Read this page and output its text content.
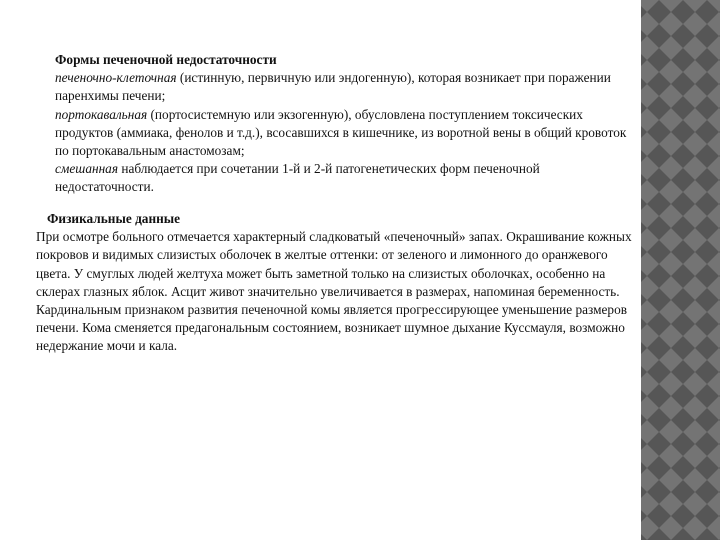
Формы печеночной недостаточности

печеночно-клеточная (истинную, первичную или эндогенную), которая возникает при поражении паренхимы печени;

портокавальная (портосистемную или экзогенную), обусловлена поступлением токсических продуктов (аммиака, фенолов и т.д.), всосавшихся в кишечнике, из воротной вены в общий кровоток по портокавальным анастомозам;

смешанная наблюдается при сочетании 1-й и 2-й патогенетических форм печеночной недостаточности.

Физикальные данные

При осмотре больного отмечается характерный сладковатый «печеночный» запах. Окрашивание кожных покровов и видимых слизистых оболочек в желтые оттенки: от зеленого и лимонного до оранжевого цвета. У смуглых людей желтуха может быть заметной только на слизистых оболочках, особенно на склерах глазных яблок. Асцит живот значительно увеличивается в размерах, напоминая беременность. Кардинальным признаком развития печеночной комы является прогрессирующее уменьшение размеров печени. Кома сменяется предагональным состоянием, возникает шумное дыхание Куссмауля, возможно недержание мочи и кала.
